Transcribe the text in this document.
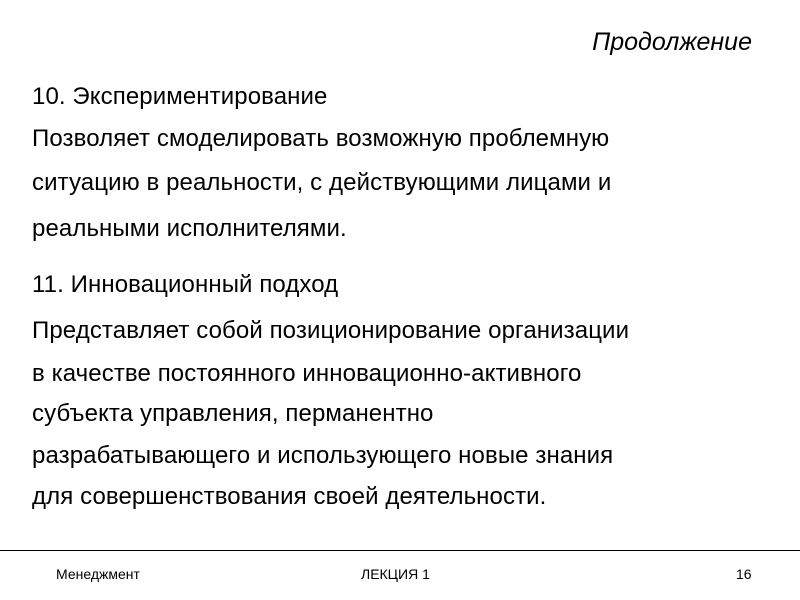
Продолжение
10. Экспериментирование
Позволяет смоделировать возможную проблемную
ситуацию в реальности, с действующими лицами и
реальными исполнителями.
11. Инновационный подход
Представляет собой позиционирование организации
в качестве постоянного инновационно-активного
субъекта управления, перманентно
разрабатывающего и использующего новые знания
для совершенствования своей деятельности.
Менеджмент	ЛЕКЦИЯ 1	16
